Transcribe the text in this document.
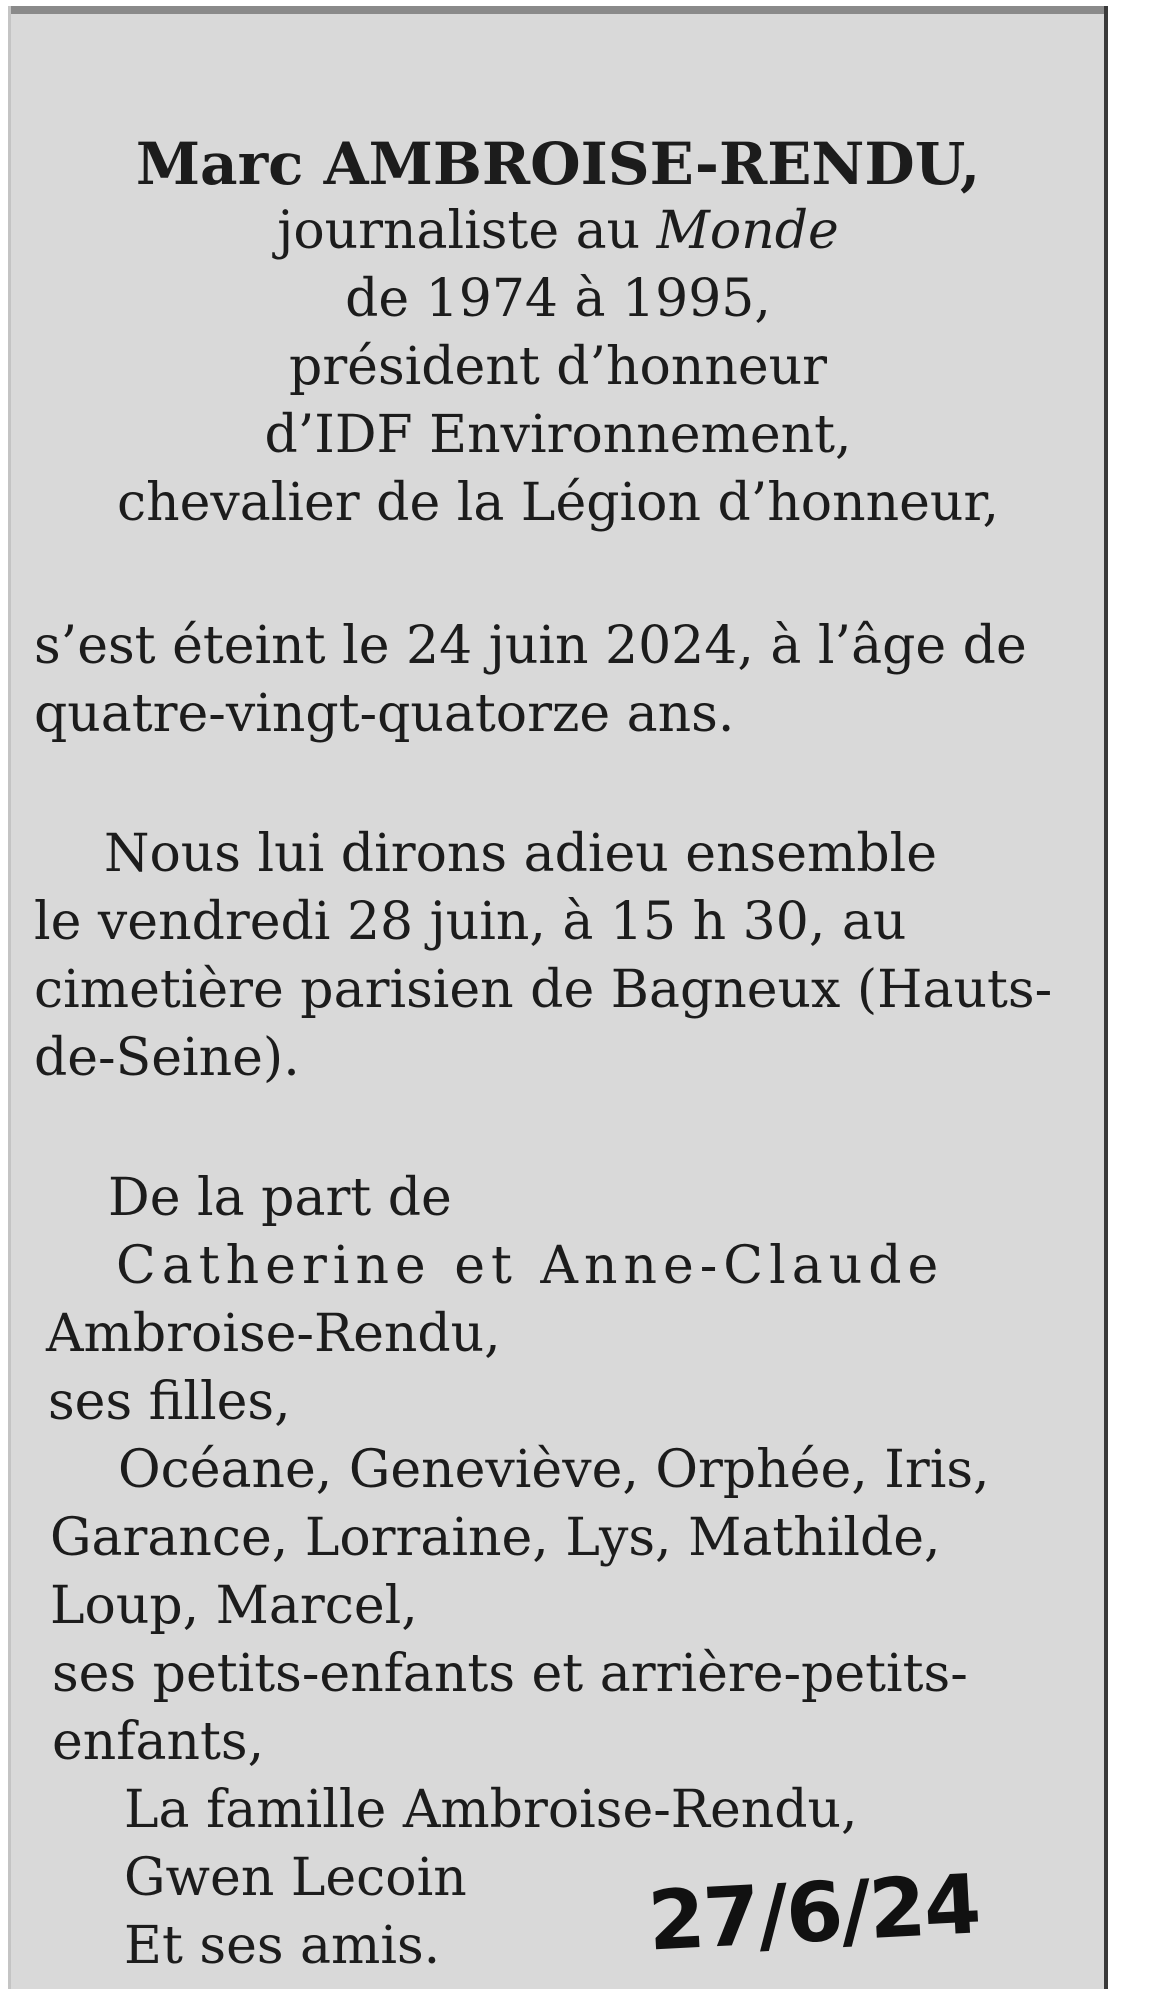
Marc AMBROISE-RENDU,
journaliste au Monde
de 1974 à 1995,
président d’honneur
d’IDF Environnement,
chevalier de la Légion d’honneur,
s’est éteint le 24 juin 2024, à l’âge de
quatre-vingt-quatorze ans.
Nous lui dirons adieu ensemble
le vendredi 28 juin, à 15 h 30, au
cimetière parisien de Bagneux (Hauts-
de-Seine).
De la part de
Catherine et Anne-Claude
Ambroise-Rendu,
ses filles,
Océane, Geneviève, Orphée, Iris,
Garance, Lorraine, Lys, Mathilde,
Loup, Marcel,
ses petits-enfants et arrière-petits-
enfants,
La famille Ambroise-Rendu,
Gwen Lecoin
Et ses amis.	27/6/24
